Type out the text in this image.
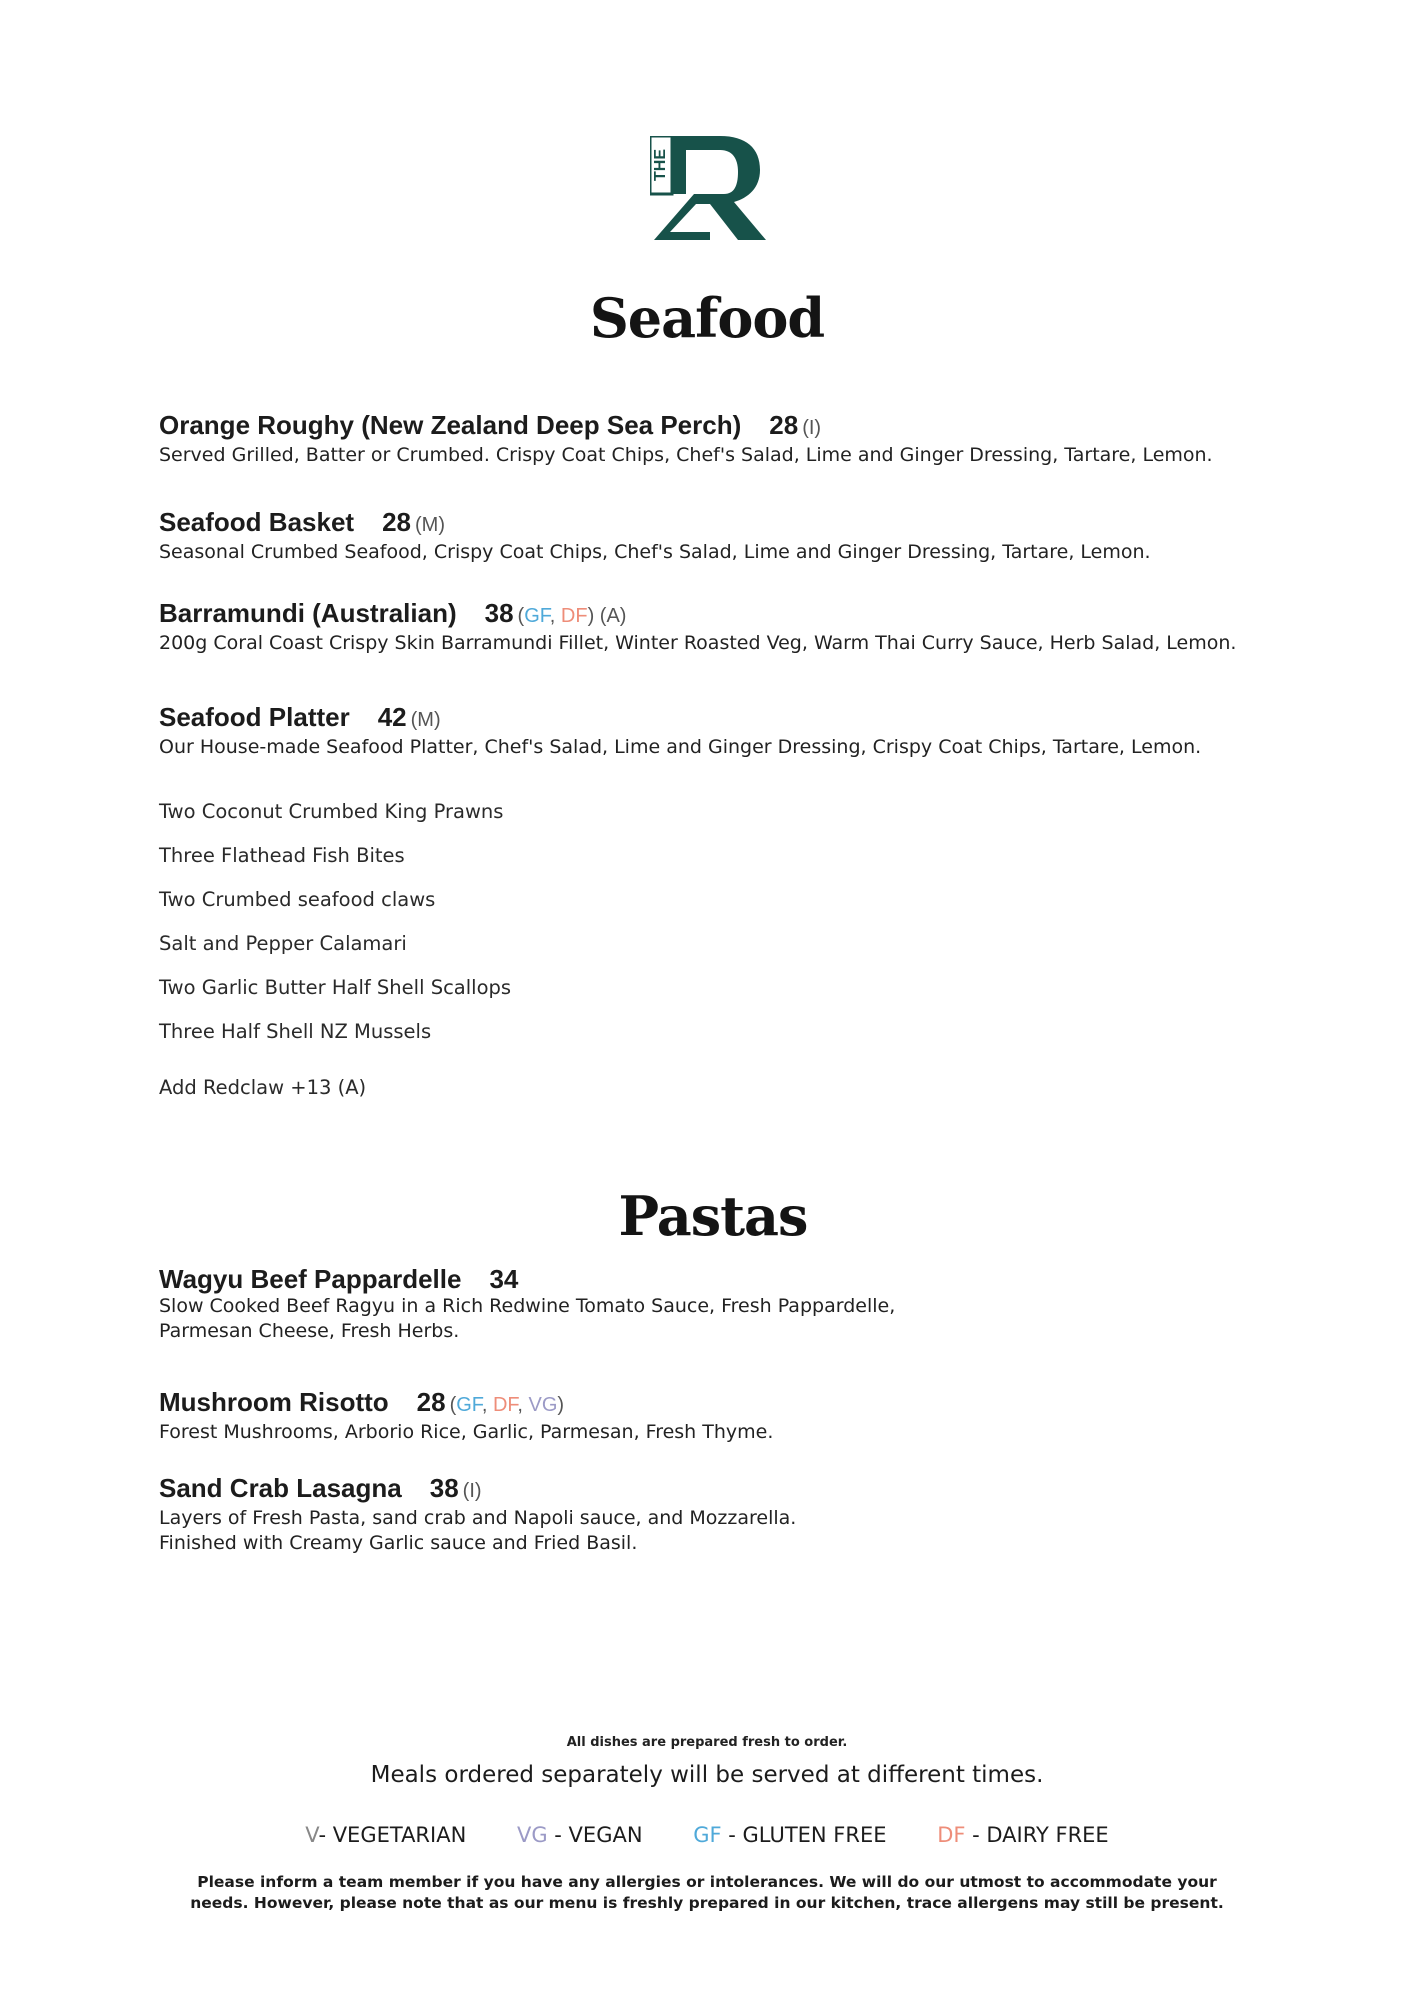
THE
Seafood
Orange Roughy (New Zealand Deep Sea Perch) 28 (I)
Served Grilled, Batter or Crumbed. Crispy Coat Chips, Chef's Salad, Lime and Ginger Dressing, Tartare, Lemon.
Seafood Basket 28 (M)
Seasonal Crumbed Seafood, Crispy Coat Chips, Chef's Salad, Lime and Ginger Dressing, Tartare, Lemon.
Barramundi (Australian) 38 (GF, DF) (A)
200g Coral Coast Crispy Skin Barramundi Fillet, Winter Roasted Veg, Warm Thai Curry Sauce, Herb Salad, Lemon.
Seafood Platter 42 (M)
Our House-made Seafood Platter, Chef's Salad, Lime and Ginger Dressing, Crispy Coat Chips, Tartare, Lemon.
Two Coconut Crumbed King Prawns
Three Flathead Fish Bites
Two Crumbed seafood claws
Salt and Pepper Calamari
Two Garlic Butter Half Shell Scallops
Three Half Shell NZ Mussels
Add Redclaw +13 (A)
Pastas
Wagyu Beef Pappardelle 34
Slow Cooked Beef Ragyu in a Rich Redwine Tomato Sauce, Fresh Pappardelle,
Parmesan Cheese, Fresh Herbs.
Mushroom Risotto 28 (GF, DF, VG)
Forest Mushrooms, Arborio Rice, Garlic, Parmesan, Fresh Thyme.
Sand Crab Lasagna 38 (I)
Layers of Fresh Pasta, sand crab and Napoli sauce, and Mozzarella.
Finished with Creamy Garlic sauce and Fried Basil.
All dishes are prepared fresh to order.
Meals ordered separately will be served at different times.
V- VEGETARIAN VG - VEGAN GF - GLUTEN FREE DF - DAIRY FREE
Please inform a team member if you have any allergies or intolerances. We will do our utmost to accommodate your
needs. However, please note that as our menu is freshly prepared in our kitchen, trace allergens may still be present.
